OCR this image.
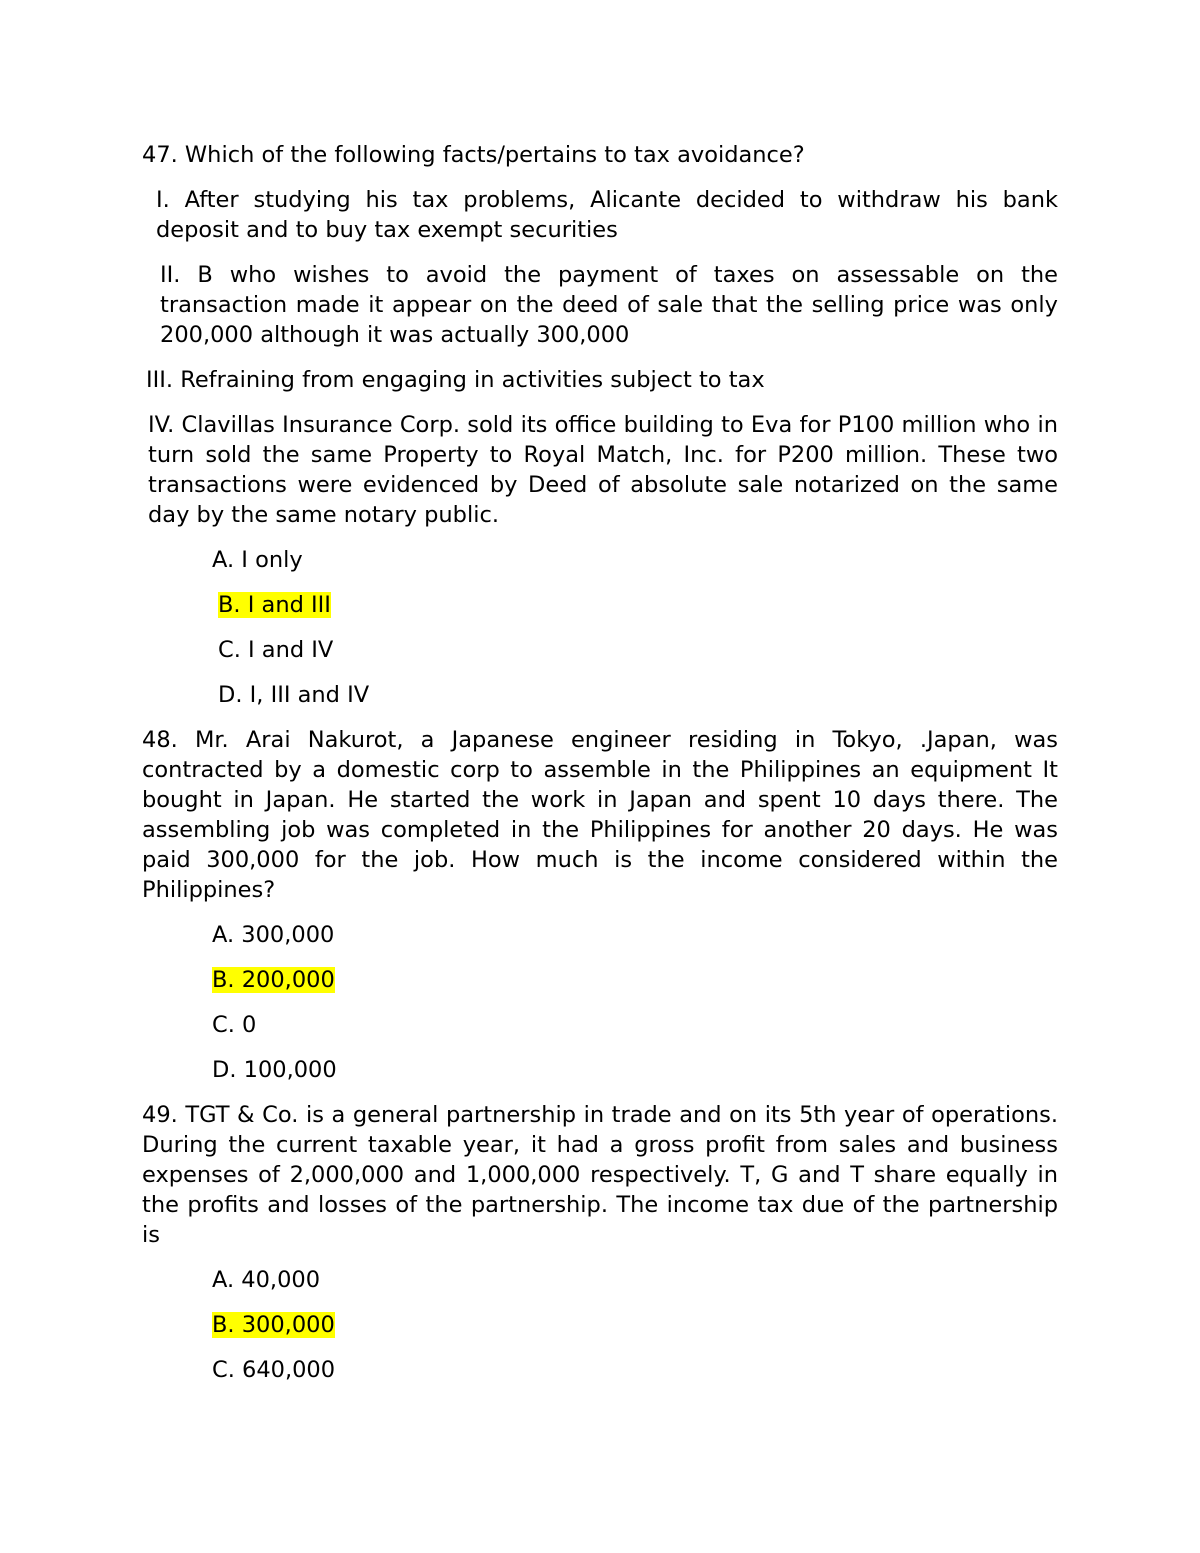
47. Which of the following facts/pertains to tax avoidance?

I. After studying his tax problems, Alicante decided to withdraw his bank deposit and to buy tax exempt securities

II. B who wishes to avoid the payment of taxes on assessable on the transaction made it appear on the deed of sale that the selling price was only 200,000 although it was actually 300,000

III. Refraining from engaging in activities subject to tax

IV. Clavillas Insurance Corp. sold its office building to Eva for P100 million who in turn sold the same Property to Royal Match, Inc. for P200 million. These two transactions were evidenced by Deed of absolute sale notarized on the same day by the same notary public.

A. I only

B. I and III

C. I and IV

D. I, III and IV

48. Mr. Arai Nakurot, a Japanese engineer residing in Tokyo, .Japan, was contracted by a domestic corp to assemble in the Philippines an equipment It bought in Japan. He started the work in Japan and spent 10 days there. The assembling job was completed in the Philippines for another 20 days. He was paid 300,000 for the job. How much is the income considered within the Philippines?

A. 300,000

B. 200,000

C. 0

D. 100,000

49. TGT & Co. is a general partnership in trade and on its 5th year of operations. During the current taxable year, it had a gross profit from sales and business expenses of 2,000,000 and 1,000,000 respectively. T, G and T share equally in the profits and losses of the partnership. The income tax due of the partnership is

A. 40,000

B. 300,000

C. 640,000
